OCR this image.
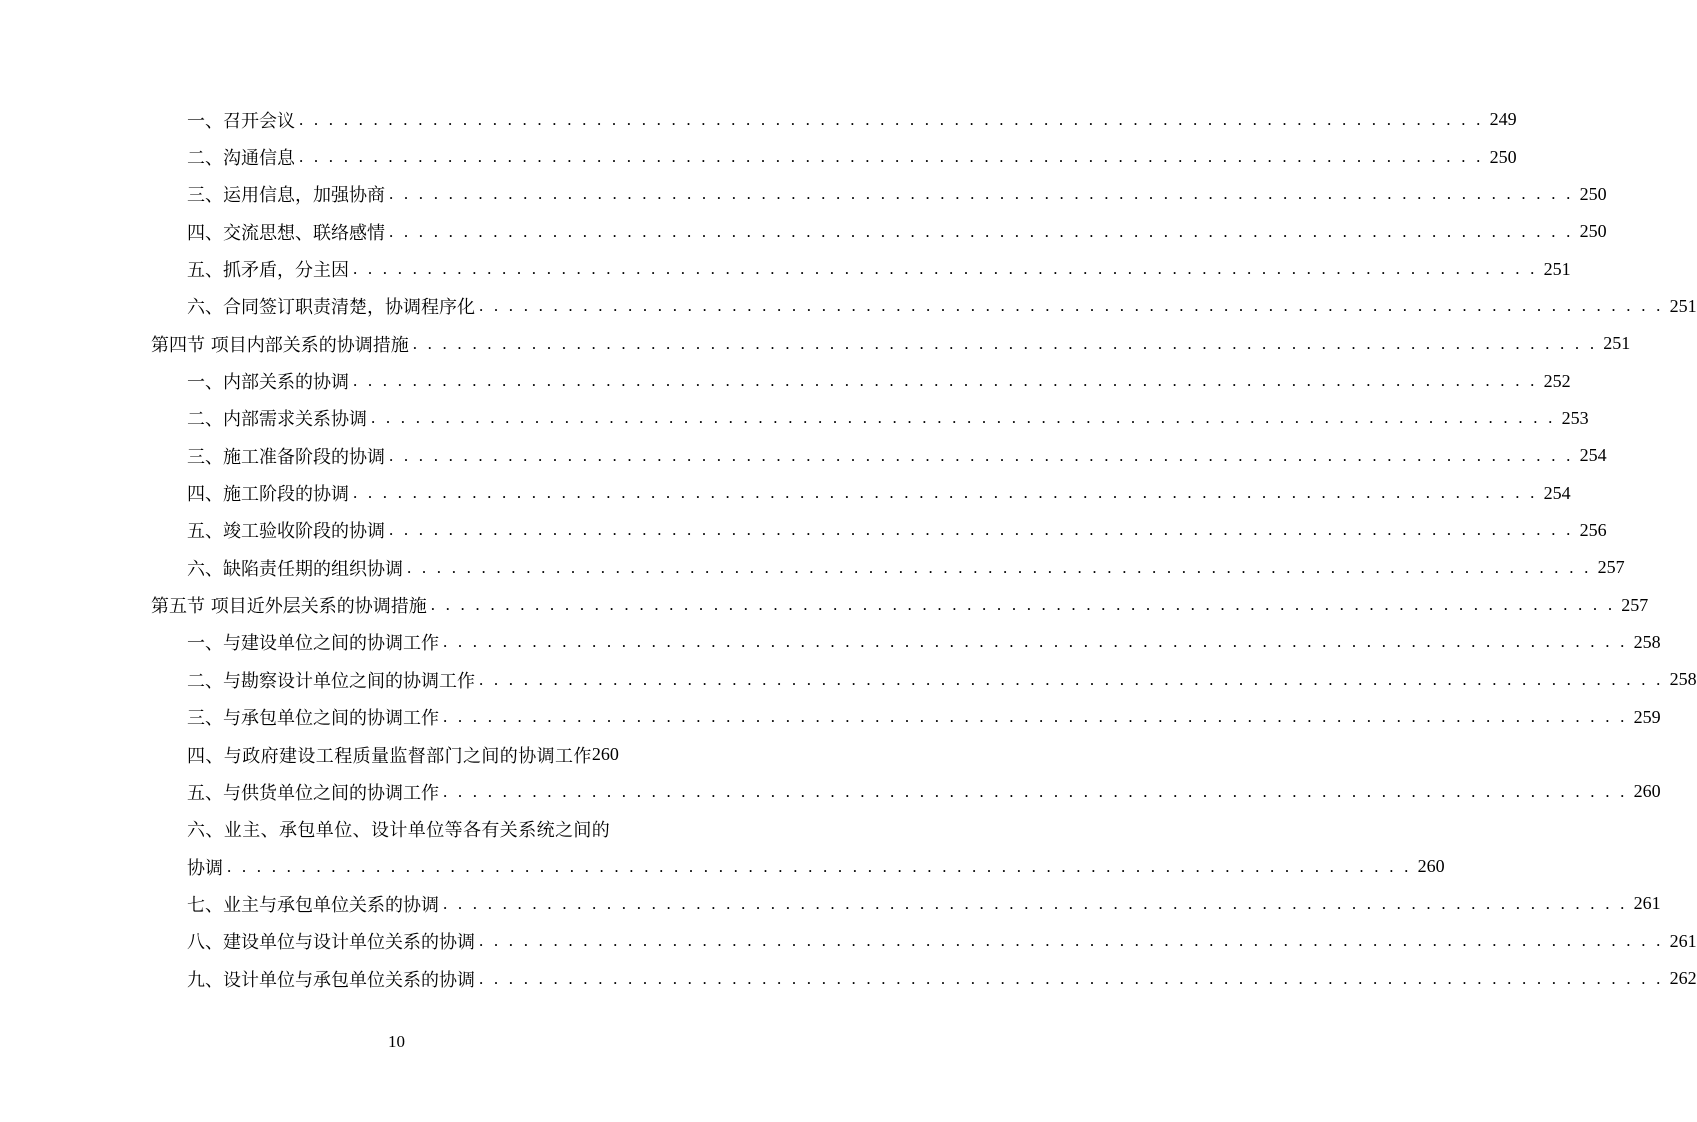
一、召开会议 . . . . . . . . . . . . . . . . . . . . . . . . . . . . . . . . . . . . . . . . . . . . . . . . . . . . . . . . . . . . . . . . . . . . . . . . . . . . . . . . 249
二、沟通信息 . . . . . . . . . . . . . . . . . . . . . . . . . . . . . . . . . . . . . . . . . . . . . . . . . . . . . . . . . . . . . . . . . . . . . . . . . . . . . . . . 250
三、运用信息，加强协商 . . . . . . . . . . . . . . . . . . . . . . . . . . . . . . . . . . . . . . . . . . . . . . . . . . . . . . . . . . . . . . . . . . . . . . . . . . . . . . . . 250
四、交流思想、联络感情 . . . . . . . . . . . . . . . . . . . . . . . . . . . . . . . . . . . . . . . . . . . . . . . . . . . . . . . . . . . . . . . . . . . . . . . . . . . . . . . . 250
五、抓矛盾，分主因 . . . . . . . . . . . . . . . . . . . . . . . . . . . . . . . . . . . . . . . . . . . . . . . . . . . . . . . . . . . . . . . . . . . . . . . . . . . . . . . . 251
六、合同签订职责清楚，协调程序化 . . . . . . . . . . . . . . . . . . . . . . . . . . . . . . . . . . . . . . . . . . . . . . . . . . . . . . . . . . . . . . . . . . . . . . . . . . . . . . . . 251
第四节 项目内部关系的协调措施 . . . . . . . . . . . . . . . . . . . . . . . . . . . . . . . . . . . . . . . . . . . . . . . . . . . . . . . . . . . . . . . . . . . . . . . . . . . . . . . . 251
一、内部关系的协调 . . . . . . . . . . . . . . . . . . . . . . . . . . . . . . . . . . . . . . . . . . . . . . . . . . . . . . . . . . . . . . . . . . . . . . . . . . . . . . . . 252
二、内部需求关系协调 . . . . . . . . . . . . . . . . . . . . . . . . . . . . . . . . . . . . . . . . . . . . . . . . . . . . . . . . . . . . . . . . . . . . . . . . . . . . . . . . 253
三、施工准备阶段的协调 . . . . . . . . . . . . . . . . . . . . . . . . . . . . . . . . . . . . . . . . . . . . . . . . . . . . . . . . . . . . . . . . . . . . . . . . . . . . . . . . 254
四、施工阶段的协调 . . . . . . . . . . . . . . . . . . . . . . . . . . . . . . . . . . . . . . . . . . . . . . . . . . . . . . . . . . . . . . . . . . . . . . . . . . . . . . . . 254
五、竣工验收阶段的协调 . . . . . . . . . . . . . . . . . . . . . . . . . . . . . . . . . . . . . . . . . . . . . . . . . . . . . . . . . . . . . . . . . . . . . . . . . . . . . . . . 256
六、缺陷责任期的组织协调 . . . . . . . . . . . . . . . . . . . . . . . . . . . . . . . . . . . . . . . . . . . . . . . . . . . . . . . . . . . . . . . . . . . . . . . . . . . . . . . . 257
第五节 项目近外层关系的协调措施 . . . . . . . . . . . . . . . . . . . . . . . . . . . . . . . . . . . . . . . . . . . . . . . . . . . . . . . . . . . . . . . . . . . . . . . . . . . . . . . . 257
一、与建设单位之间的协调工作 . . . . . . . . . . . . . . . . . . . . . . . . . . . . . . . . . . . . . . . . . . . . . . . . . . . . . . . . . . . . . . . . . . . . . . . . . . . . . . . . 258
二、与勘察设计单位之间的协调工作 . . . . . . . . . . . . . . . . . . . . . . . . . . . . . . . . . . . . . . . . . . . . . . . . . . . . . . . . . . . . . . . . . . . . . . . . . . . . . . . . 258
三、与承包单位之间的协调工作 . . . . . . . . . . . . . . . . . . . . . . . . . . . . . . . . . . . . . . . . . . . . . . . . . . . . . . . . . . . . . . . . . . . . . . . . . . . . . . . . 259
四、与政府建设工程质量监督部门之间的协调工作 260
五、与供货单位之间的协调工作 . . . . . . . . . . . . . . . . . . . . . . . . . . . . . . . . . . . . . . . . . . . . . . . . . . . . . . . . . . . . . . . . . . . . . . . . . . . . . . . . 260
六、业主、承包单位、设计单位等各有关系统之间的
协调 . . . . . . . . . . . . . . . . . . . . . . . . . . . . . . . . . . . . . . . . . . . . . . . . . . . . . . . . . . . . . . . . . . . . . . . . . . . . . . . . 260
七、业主与承包单位关系的协调 . . . . . . . . . . . . . . . . . . . . . . . . . . . . . . . . . . . . . . . . . . . . . . . . . . . . . . . . . . . . . . . . . . . . . . . . . . . . . . . . 261
八、建设单位与设计单位关系的协调 . . . . . . . . . . . . . . . . . . . . . . . . . . . . . . . . . . . . . . . . . . . . . . . . . . . . . . . . . . . . . . . . . . . . . . . . . . . . . . . . 261
九、设计单位与承包单位关系的协调 . . . . . . . . . . . . . . . . . . . . . . . . . . . . . . . . . . . . . . . . . . . . . . . . . . . . . . . . . . . . . . . . . . . . . . . . . . . . . . . . 262
10
